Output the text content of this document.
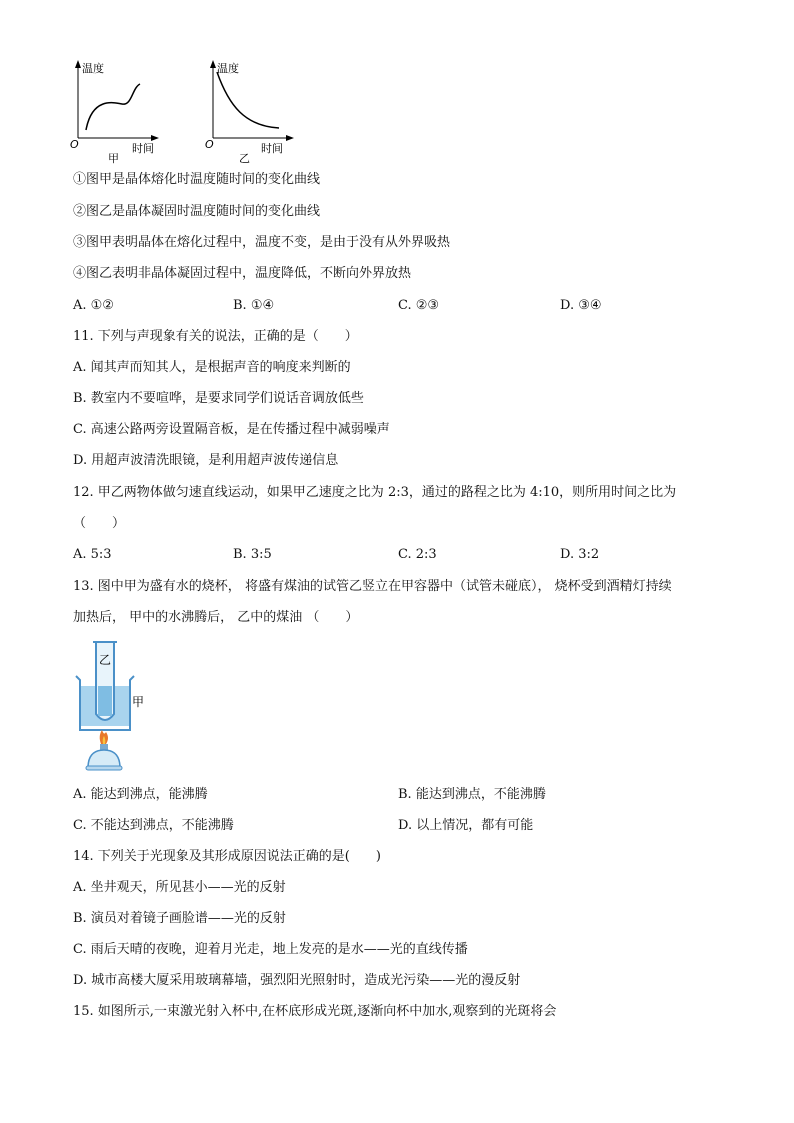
温度
时间
O
甲
温度
时间
O
乙
①图甲是晶体熔化时温度随时间的变化曲线
②图乙是晶体凝固时温度随时间的变化曲线
③图甲表明晶体在熔化过程中，温度不变，是由于没有从外界吸热
④图乙表明非晶体凝固过程中，温度降低，不断向外界放热
A. ①②	B. ①④	C. ②③	D. ③④
11. 下列与声现象有关的说法，正确的是（　　）
A. 闻其声而知其人，是根据声音的响度来判断的
B. 教室内不要喧哗，是要求同学们说话音调放低些
C. 高速公路两旁设置隔音板，是在传播过程中减弱噪声
D. 用超声波清洗眼镜，是利用超声波传递信息
12. 甲乙两物体做匀速直线运动，如果甲乙速度之比为 2:3，通过的路程之比为 4:10，则所用时间之比为
（　　）
A. 5:3	B. 3:5	C. 2:3	D. 3:2
13. 图中甲为盛有水的烧杯， 将盛有煤油的试管乙竖立在甲容器中（试管未碰底）， 烧杯受到酒精灯持续
加热后， 甲中的水沸腾后， 乙中的煤油 （　　）
乙
甲
A. 能达到沸点，能沸腾	B. 能达到沸点，不能沸腾
C. 不能达到沸点，不能沸腾	D. 以上情况，都有可能
14. 下列关于光现象及其形成原因说法正确的是(　　)
A. 坐井观天，所见甚小——光的反射
B. 演员对着镜子画脸谱——光的反射
C. 雨后天晴的夜晚，迎着月光走，地上发亮的是水——光的直线传播
D. 城市高楼大厦采用玻璃幕墙，强烈阳光照射时，造成光污染——光的漫反射
15. 如图所示,一束激光射入杯中,在杯底形成光斑,逐渐向杯中加水,观察到的光斑将会
